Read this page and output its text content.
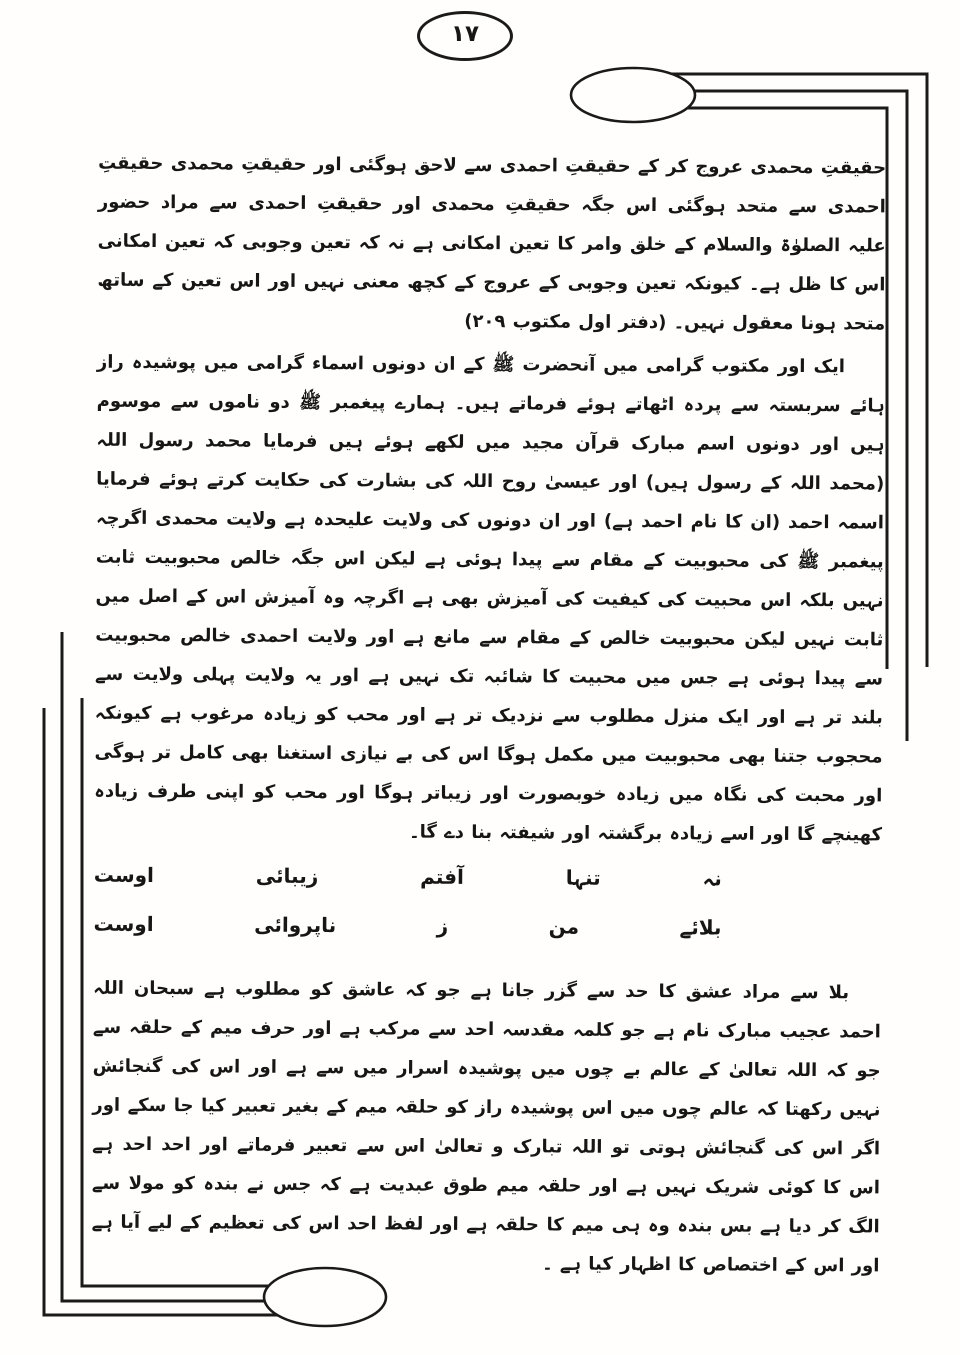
١٧

حقیقتِ محمدی عروج کر کے حقیقتِ احمدی سے لاحق ہوگئی اور حقیقتِ محمدی حقیقتِ احمدی سے متحد ہوگئی اس جگہ حقیقتِ محمدی اور حقیقتِ احمدی سے مراد حضور علیہ الصلوٰۃ والسلام کے خلق وامر کا تعین امکانی ہے نہ کہ تعین وجوبی کہ تعین امکانی اس کا ظل ہے۔ کیونکہ تعین وجوبی کے عروج کے کچھ معنی نہیں اور اس تعین کے ساتھ متحد ہونا معقول نہیں۔ (دفتر اول مکتوب ۲۰۹)

ایک اور مکتوب گرامی میں آنحضرت ﷺ کے ان دونوں اسماء گرامی میں پوشیدہ راز ہائے سربستہ سے پردہ اٹھاتے ہوئے فرماتے ہیں۔ ہمارے پیغمبر ﷺ دو ناموں سے موسوم ہیں اور دونوں اسم مبارک قرآن مجید میں لکھے ہوئے ہیں فرمایا محمد رسول اللہ (محمد اللہ کے رسول ہیں) اور عیسیٰ روح اللہ کی بشارت کی حکایت کرتے ہوئے فرمایا اسمہ احمد (ان کا نام احمد ہے) اور ان دونوں کی ولایت علیحدہ ہے ولایت محمدی اگرچہ پیغمبر ﷺ کی محبوبیت کے مقام سے پیدا ہوئی ہے لیکن اس جگہ خالص محبوبیت ثابت نہیں بلکہ اس محبیت کی کیفیت کی آمیزش بھی ہے اگرچہ وہ آمیزش اس کے اصل میں ثابت نہیں لیکن محبوبیت خالص کے مقام سے مانع ہے اور ولایت احمدی خالص محبوبیت سے پیدا ہوئی ہے جس میں محبیت کا شائبہ تک نہیں ہے اور یہ ولایت پہلی ولایت سے بلند تر ہے اور ایک منزل مطلوب سے نزدیک تر ہے اور محب کو زیادہ مرغوب ہے کیونکہ محجوب جتنا بھی محبوبیت میں مکمل ہوگا اس کی بے نیازی استغنا بھی کامل تر ہوگی اور محبت کی نگاہ میں زیادہ خوبصورت اور زیباتر ہوگا اور محب کو اپنی طرف زیادہ کھینچے گا اور اسے زیادہ برگشتہ اور شیفتہ بنا دے گا۔

نہ
تنہا
آفتم
زیبائی
اوست
بلائے
من
ز
ناپروائی
اوست

بلا سے مراد عشق کا حد سے گزر جانا ہے جو کہ عاشق کو مطلوب ہے سبحان اللہ احمد عجیب مبارک نام ہے جو کلمہ مقدسہ احد سے مرکب ہے اور حرف میم کے حلقہ سے جو کہ اللہ تعالیٰ کے عالم بے چوں میں پوشیدہ اسرار میں سے ہے اور اس کی گنجائش نہیں رکھتا کہ عالم چوں میں اس پوشیدہ راز کو حلقہ میم کے بغیر تعبیر کیا جا سکے اور اگر اس کی گنجائش ہوتی تو اللہ تبارک و تعالیٰ اس سے تعبیر فرماتے اور احد احد ہے اس کا کوئی شریک نہیں ہے اور حلقہ میم طوق عبدیت ہے کہ جس نے بندہ کو مولا سے الگ کر دیا ہے بس بندہ وہ ہی میم کا حلقہ ہے اور لفظ احد اس کی تعظیم کے لیے آیا ہے اور اس کے اختصاص کا اظہار کیا ہے ۔
